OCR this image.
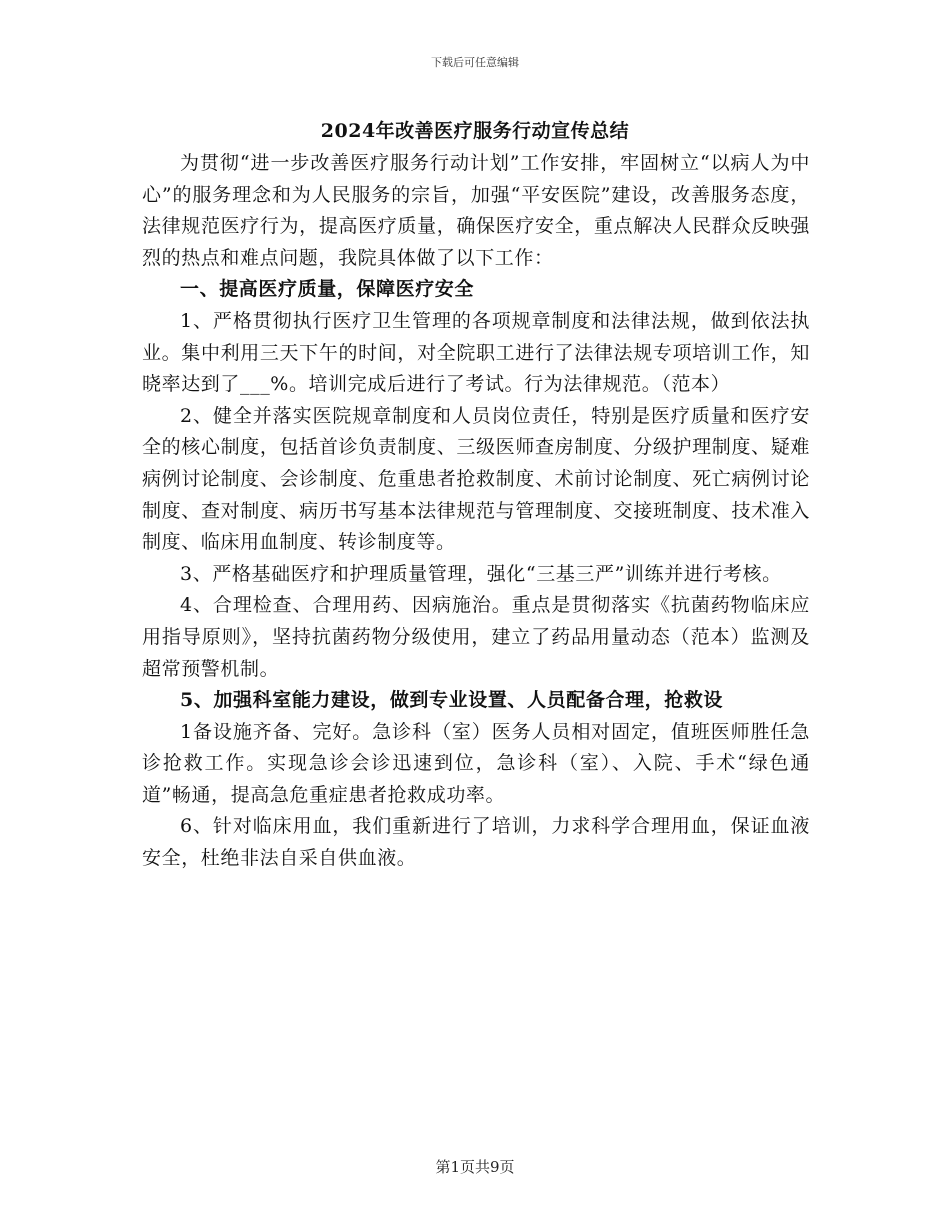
下载后可任意编辑
2024年改善医疗服务行动宣传总结

为贯彻“进一步改善医疗服务行动计划”工作安排，牢固树立“以病人为中心”的服务理念和为人民服务的宗旨，加强“平安医院”建设，改善服务态度，法律规范医疗行为，提高医疗质量，确保医疗安全，重点解决人民群众反映强烈的热点和难点问题，我院具体做了以下工作：

一、提高医疗质量，保障医疗安全

1、严格贯彻执行医疗卫生管理的各项规章制度和法律法规，做到依法执业。集中利用三天下午的时间，对全院职工进行了法律法规专项培训工作，知晓率达到了___%。培训完成后进行了考试。行为法律规范。（范本）

2、健全并落实医院规章制度和人员岗位责任，特别是医疗质量和医疗安全的核心制度，包括首诊负责制度、三级医师查房制度、分级护理制度、疑难病例讨论制度、会诊制度、危重患者抢救制度、术前讨论制度、死亡病例讨论制度、查对制度、病历书写基本法律规范与管理制度、交接班制度、技术准入制度、临床用血制度、转诊制度等。

3、严格基础医疗和护理质量管理，强化“三基三严”训练并进行考核。

4、合理检查、合理用药、因病施治。重点是贯彻落实《抗菌药物临床应用指导原则》，坚持抗菌药物分级使用，建立了药品用量动态（范本）监测及超常预警机制。

5、加强科室能力建设，做到专业设置、人员配备合理，抢救设

1备设施齐备、完好。急诊科（室）医务人员相对固定，值班医师胜任急诊抢救工作。实现急诊会诊迅速到位，急诊科（室）、入院、手术“绿色通道”畅通，提高急危重症患者抢救成功率。

6、针对临床用血，我们重新进行了培训，力求科学合理用血，保证血液安全，杜绝非法自采自供血液。

第1页共9页
